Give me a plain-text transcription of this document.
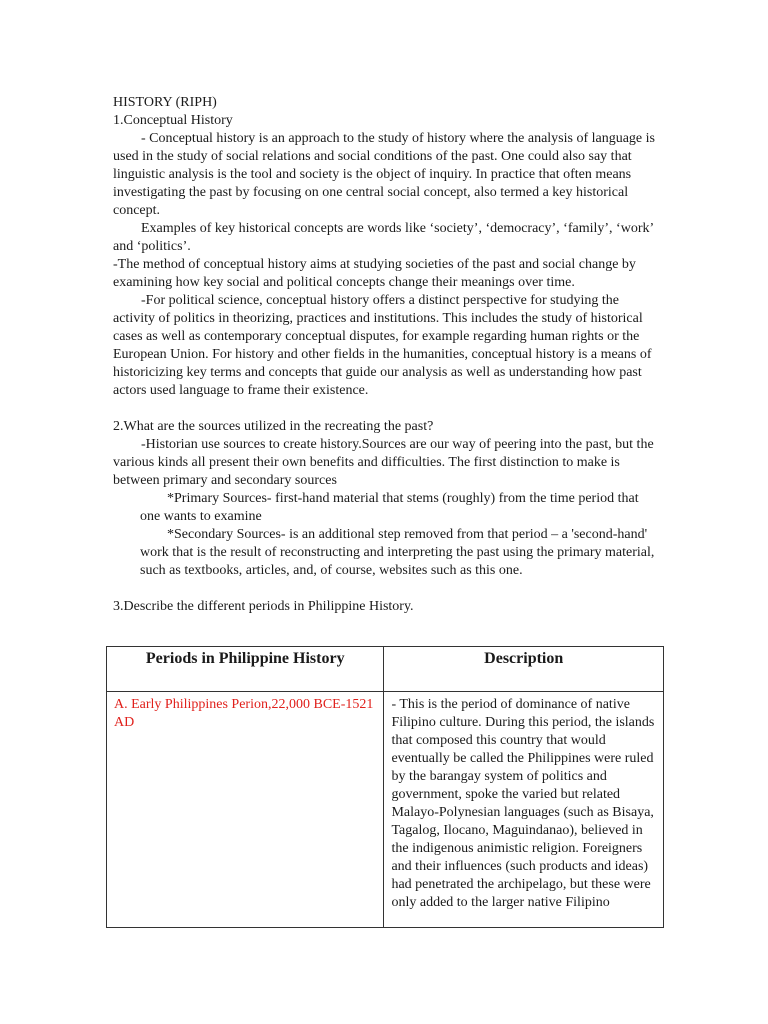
HISTORY (RIPH)

1.Conceptual History

- Conceptual history is an approach to the study of history where the analysis of language is used in the study of social relations and social conditions of the past. One could also say that linguistic analysis is the tool and society is the object of inquiry. In practice that often means investigating the past by focusing on one central social concept, also termed a key historical concept.

Examples of key historical concepts are words like ‘society’, ‘democracy’, ‘family’, ‘work’ and ‘politics’.

-The method of conceptual history aims at studying societies of the past and social change by examining how key social and political concepts change their meanings over time.

-For political science, conceptual history offers a distinct perspective for studying the activity of politics in theorizing, practices and institutions. This includes the study of historical cases as well as contemporary conceptual disputes, for example regarding human rights or the European Union. For history and other fields in the humanities, conceptual history is a means of historicizing key terms and concepts that guide our analysis as well as understanding how past actors used language to frame their existence.

2.What are the sources utilized in the recreating the past?

-Historian use sources to create history.Sources are our way of peering into the past, but the various kinds all present their own benefits and difficulties. The first distinction to make is between primary and secondary sources

*Primary Sources- first-hand material that stems (roughly) from the time period that one wants to examine

*Secondary Sources- is an additional step removed from that period – a 'second-hand' work that is the result of reconstructing and interpreting the past using the primary material, such as textbooks, articles, and, of course, websites such as this one.

3.Describe the different periods in Philippine History.

Periods in Philippine History	Description
A. Early Philippines Perion,22,000 BCE-1521 AD	- This is the period of dominance of native Filipino culture. During this period, the islands that composed this country that would eventually be called the Philippines were ruled by the barangay system of politics and government, spoke the varied but related Malayo-Polynesian languages (such as Bisaya, Tagalog, Ilocano, Maguindanao), believed in the indigenous animistic religion. Foreigners and their influences (such products and ideas) had penetrated the archipelago, but these were only added to the larger native Filipino
